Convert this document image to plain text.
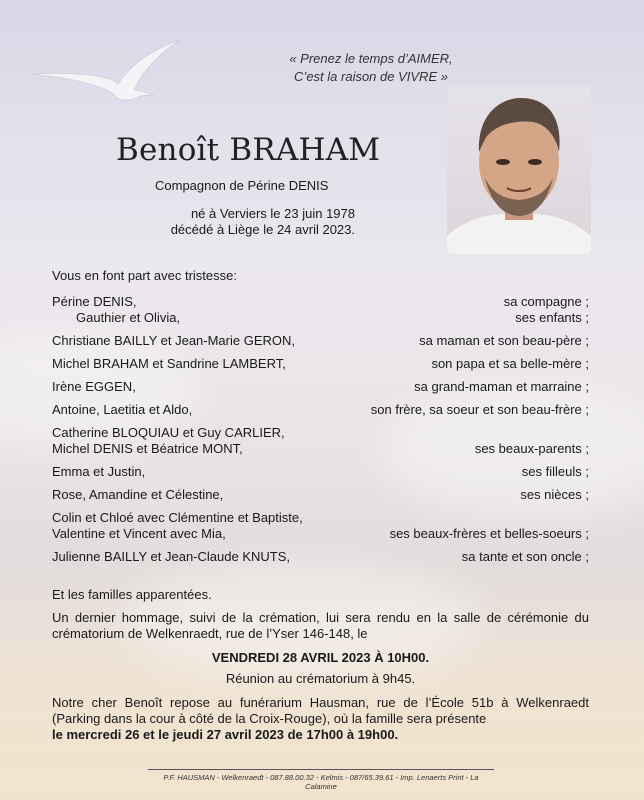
« Prenez le temps d’AIMER,
C’est la raison de VIVRE »
Benoît BRAHAM
Compagnon de Périne DENIS
né à Verviers le 23 juin 1978
décédé à Liège le 24 avril 2023.
Vous en font part avec tristesse:
Périne DENIS,	sa compagne ;
Gauthier et Olivia,	ses enfants ;
Christiane BAILLY et Jean-Marie GERON,	sa maman et son beau-père ;
Michel BRAHAM et Sandrine LAMBERT,	son papa et sa belle-mère ;
Irène EGGEN,	sa grand-maman et marraine ;
Antoine, Laetitia et Aldo,	son frère, sa soeur et son beau-frère ;
Catherine BLOQUIAU et Guy CARLIER,
Michel DENIS et Béatrice MONT,	ses beaux-parents ;
Emma et Justin,	ses filleuls ;
Rose, Amandine et Célestine,	ses nièces ;
Colin et Chloé avec Clémentine et Baptiste,
Valentine et Vincent avec Mia,	ses beaux-frères et belles-soeurs ;
Julienne BAILLY et Jean-Claude KNUTS,	sa tante et son oncle ;
Et les familles apparentées.
Un dernier hommage, suivi de la crémation, lui sera rendu en la salle de cérémonie du crématorium de Welkenraedt, rue de l’Yser 146-148, le
VENDREDI 28 AVRIL 2023 À 10H00.
Réunion au crématorium à 9h45.
Notre cher Benoît repose au funérarium Hausman, rue de l’École 51b à Welkenraedt (Parking dans la cour à côté de la Croix-Rouge), où la famille sera présente
le mercredi 26 et le jeudi 27 avril 2023 de 17h00 à 19h00.
P.F. HAUSMAN - Welkenraedt - 087.88.00.32 - Kelmis - 087/65.39.61 - Imp. Lenaerts Print - La Calamine
